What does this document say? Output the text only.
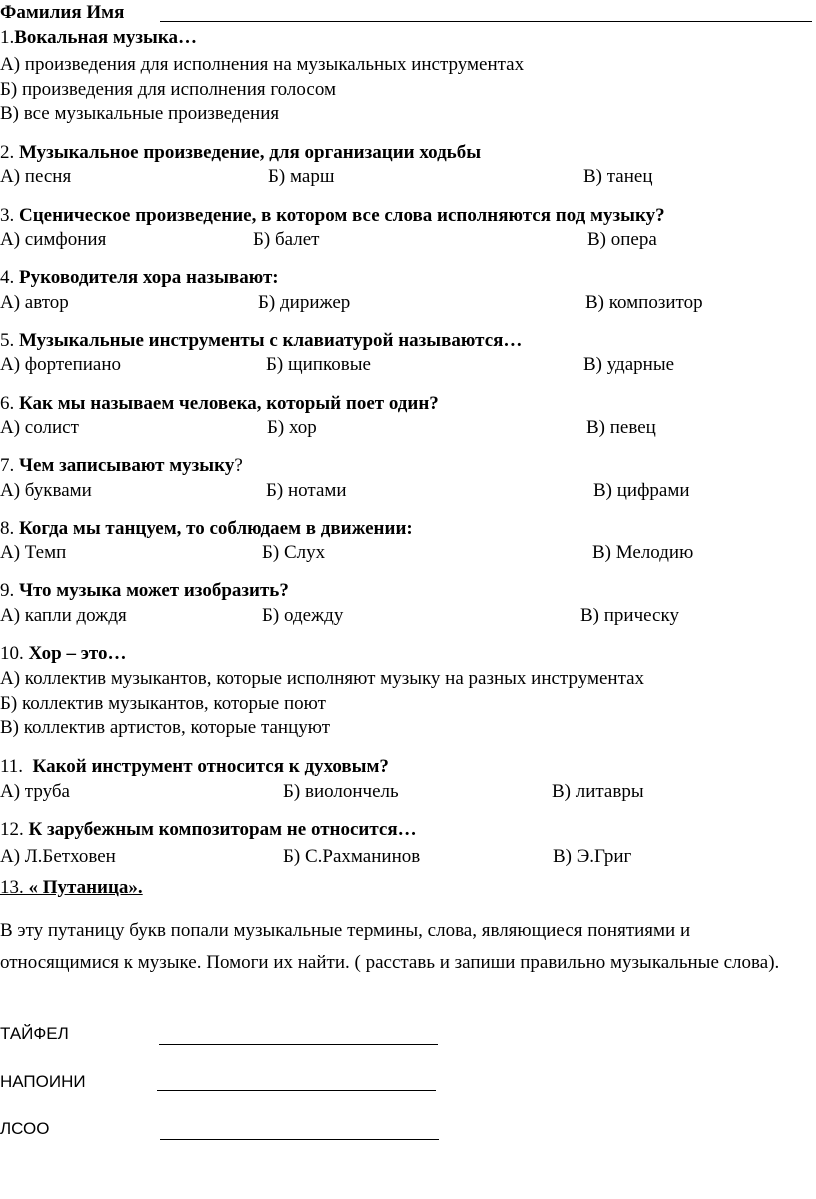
Фамилия Имя
1.Вокальная музыка…
А) произведения для исполнения на музыкальных инструментах
Б) произведения для исполнения голосом
В) все музыкальные произведения
2. Музыкальное произведение, для организации ходьбы
А) песня	Б) марш	В) танец
3. Сценическое произведение, в котором все слова исполняются под музыку?
А) симфония	Б) балет	В) опера
4. Руководителя хора называют:
А) автор	Б) дирижер	В) композитор
5. Музыкальные инструменты с клавиатурой называются…
А) фортепиано	Б) щипковые	В) ударные
6. Как мы называем человека, который поет один?
А) солист	Б) хор	В) певец
7. Чем записывают музыку?
А) буквами	Б) нотами	В) цифрами
8. Когда мы танцуем, то соблюдаем в движении:
А) Темп	Б) Слух	В) Мелодию
9. Что музыка может изобразить?
А) капли дождя	Б) одежду	В) прическу
10. Хор – это…
А) коллектив музыкантов, которые исполняют музыку на разных инструментах
Б) коллектив музыкантов, которые поют
В) коллектив артистов, которые танцуют
11.  Какой инструмент относится к духовым?
А) труба	Б) виолончель	В) литавры
12. К зарубежным композиторам не относится…
А) Л.Бетховен	Б) С.Рахманинов	В) Э.Григ
13. « Путаница».
В эту путаницу букв попали музыкальные термины, слова, являющиеся понятиями и относящимися к музыке. Помоги их найти. ( расставь и запиши правильно музыкальные слова).
ТАЙФЕЛ
НАПОИНИ
ЛСОО
